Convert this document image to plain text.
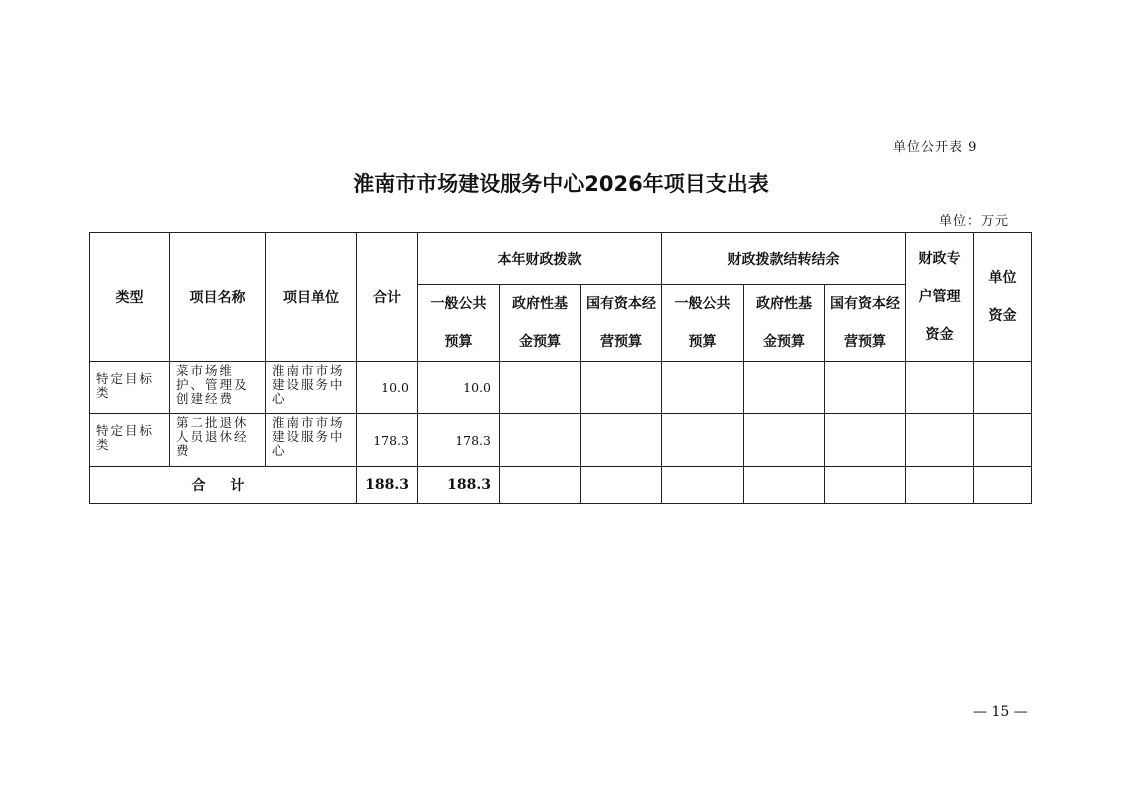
单位公开表 9
淮南市市场建设服务中心2026年项目支出表
单位：万元
类型	项目名称	项目单位	合计	本年财政拨款			财政拨款结转结余			财政专户管理资金	单位资金
				一般公共预算	政府性基金预算	国有资本经营预算	一般公共预算	政府性基金预算	国有资本经营预算		
特定目标类	菜市场维护、管理及创建经费	淮南市市场建设服务中心	10.0	10.0							
特定目标类	第二批退休人员退休经费	淮南市市场建设服务中心	178.3	178.3							
合 计			188.3	188.3							
— 15 —
